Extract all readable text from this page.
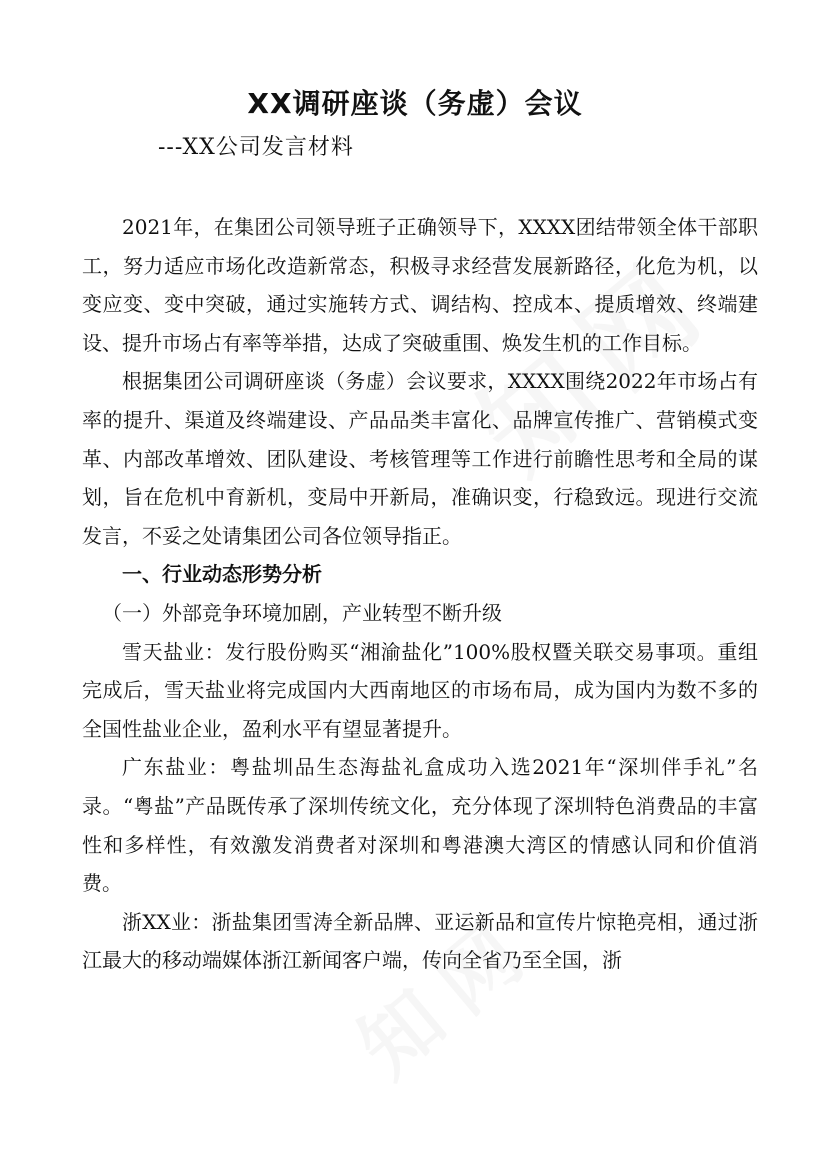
XX调研座谈（务虚）会议
---XX公司发言材料

2021年，在集团公司领导班子正确领导下，XXXX团结带领全体干部职工，努力适应市场化改造新常态，积极寻求经营发展新路径，化危为机，以变应变、变中突破，通过实施转方式、调结构、控成本、提质增效、终端建设、提升市场占有率等举措，达成了突破重围、焕发生机的工作目标。

根据集团公司调研座谈（务虚）会议要求，XXXX围绕2022年市场占有率的提升、渠道及终端建设、产品品类丰富化、品牌宣传推广、营销模式变革、内部改革增效、团队建设、考核管理等工作进行前瞻性思考和全局的谋划，旨在危机中育新机，变局中开新局，准确识变，行稳致远。现进行交流发言，不妥之处请集团公司各位领导指正。

一、行业动态形势分析

（一）外部竞争环境加剧，产业转型不断升级

雪天盐业：发行股份购买“湘渝盐化”100%股权暨关联交易事项。重组完成后，雪天盐业将完成国内大西南地区的市场布局，成为国内为数不多的全国性盐业企业，盈利水平有望显著提升。

广东盐业：粤盐圳品生态海盐礼盒成功入选2021年“深圳伴手礼”名录。“粤盐”产品既传承了深圳传统文化，充分体现了深圳特色消费品的丰富性和多样性，有效激发消费者对深圳和粤港澳大湾区的情感认同和价值消费。

浙XX业：浙盐集团雪涛全新品牌、亚运新品和宣传片惊艳亮相，通过浙江最大的移动端媒体浙江新闻客户端，传向全省乃至全国，浙
